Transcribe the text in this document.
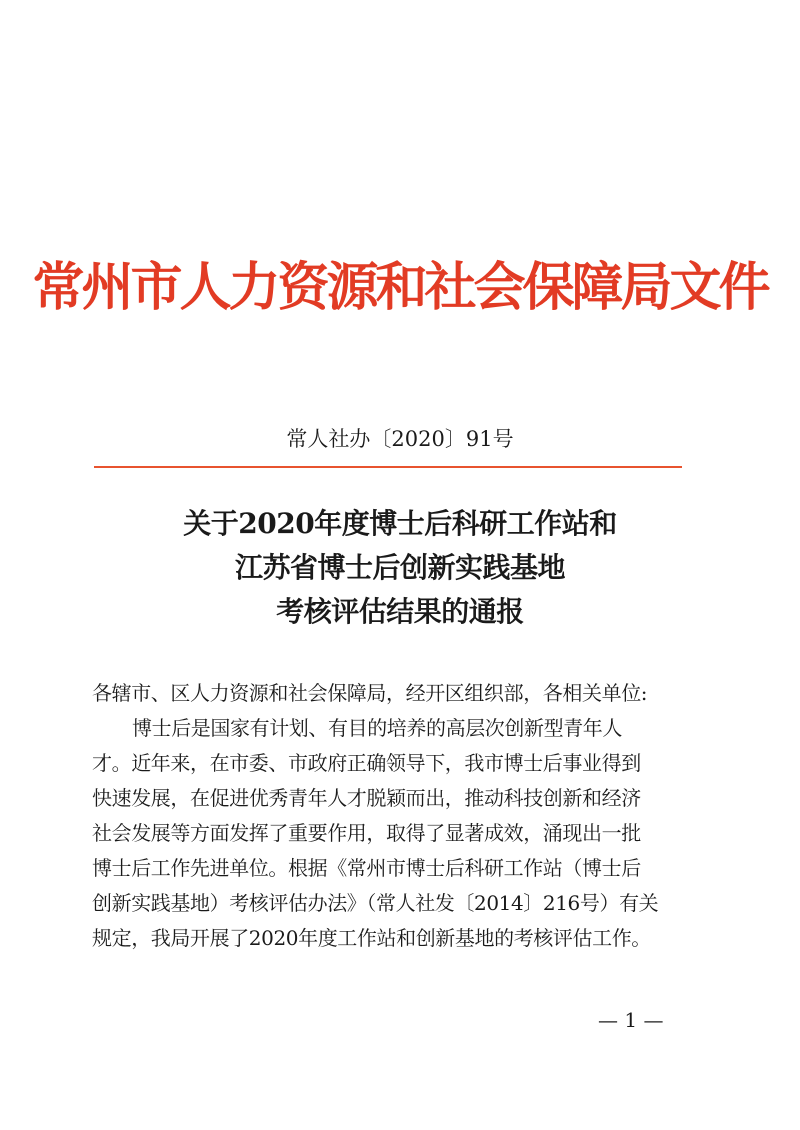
常州市人力资源和社会保障局文件
常人社办〔2020〕91号
关于2020年度博士后科研工作站和
江苏省博士后创新实践基地
考核评估结果的通报

各辖市、区人力资源和社会保障局，经开区组织部，各相关单位:

博士后是国家有计划、有目的培养的高层次创新型青年人
才。近年来，在市委、市政府正确领导下，我市博士后事业得到
快速发展，在促进优秀青年人才脱颖而出，推动科技创新和经济
社会发展等方面发挥了重要作用，取得了显著成效，涌现出一批
博士后工作先进单位。根据《常州市博士后科研工作站（博士后
创新实践基地）考核评估办法》（常人社发〔2014〕216号）有关
规定，我局开展了2020年度工作站和创新基地的考核评估工作。
— 1 —
